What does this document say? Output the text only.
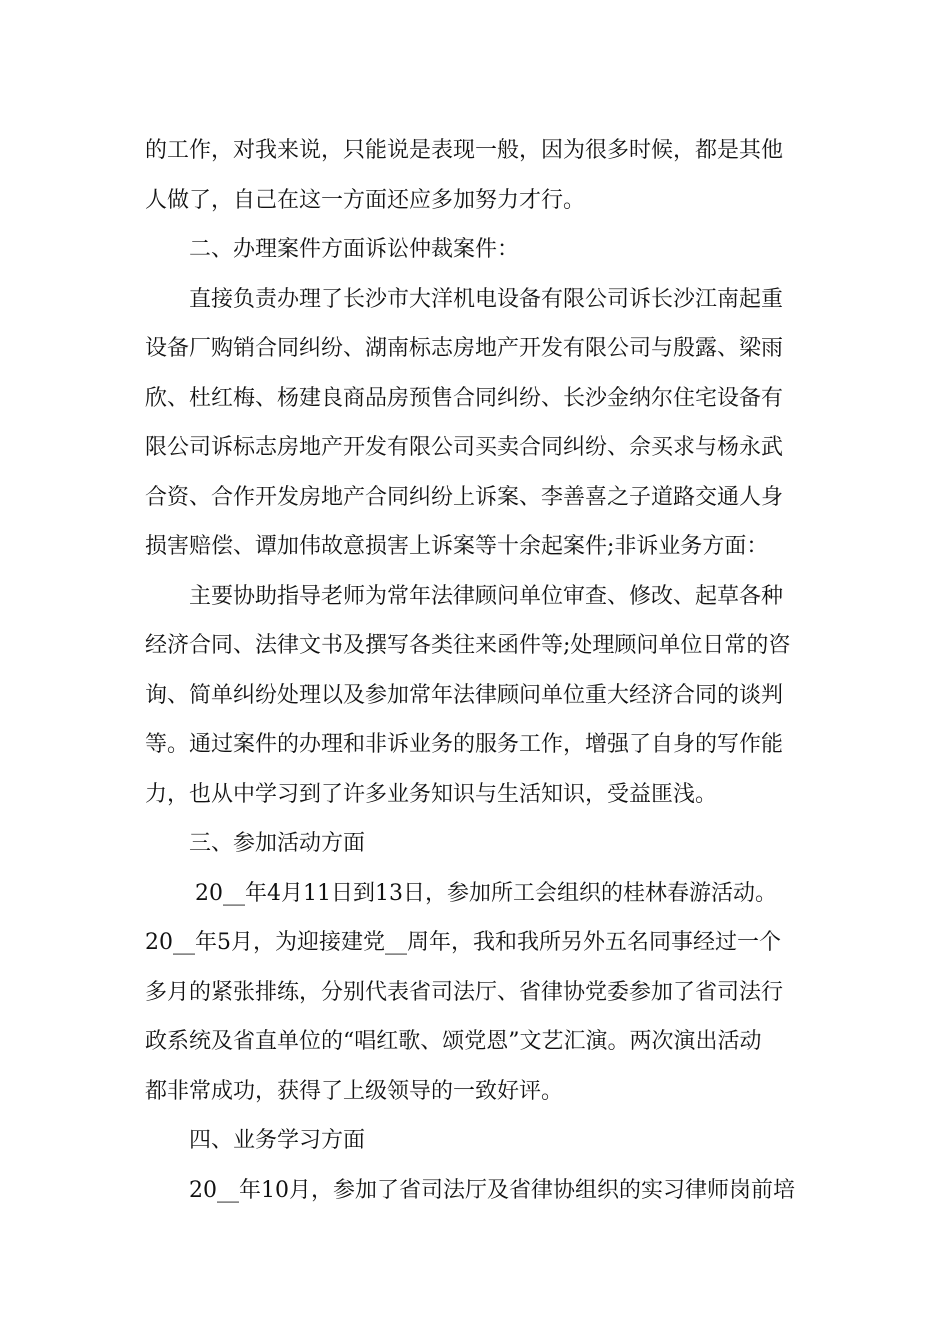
的工作，对我来说，只能说是表现一般，因为很多时候，都是其他
人做了，自己在这一方面还应多加努力才行。
二、办理案件方面诉讼仲裁案件：
直接负责办理了长沙市大洋机电设备有限公司诉长沙江南起重
设备厂购销合同纠纷、湖南标志房地产开发有限公司与殷露、梁雨
欣、杜红梅、杨建良商品房预售合同纠纷、长沙金纳尔住宅设备有
限公司诉标志房地产开发有限公司买卖合同纠纷、佘买求与杨永武
合资、合作开发房地产合同纠纷上诉案、李善喜之子道路交通人身
损害赔偿、谭加伟故意损害上诉案等十余起案件;非诉业务方面：
主要协助指导老师为常年法律顾问单位审查、修改、起草各种
经济合同、法律文书及撰写各类往来函件等;处理顾问单位日常的咨
询、简单纠纷处理以及参加常年法律顾问单位重大经济合同的谈判
等。通过案件的办理和非诉业务的服务工作，增强了自身的写作能
力，也从中学习到了许多业务知识与生活知识，受益匪浅。
三、参加活动方面
20__年4月11日到13日，参加所工会组织的桂林春游活动。
20__年5月，为迎接建党__周年，我和我所另外五名同事经过一个
多月的紧张排练，分别代表省司法厅、省律协党委参加了省司法行
政系统及省直单位的“唱红歌、颂党恩”文艺汇演。两次演出活动
都非常成功，获得了上级领导的一致好评。
四、业务学习方面
20__年10月，参加了省司法厅及省律协组织的实习律师岗前培
